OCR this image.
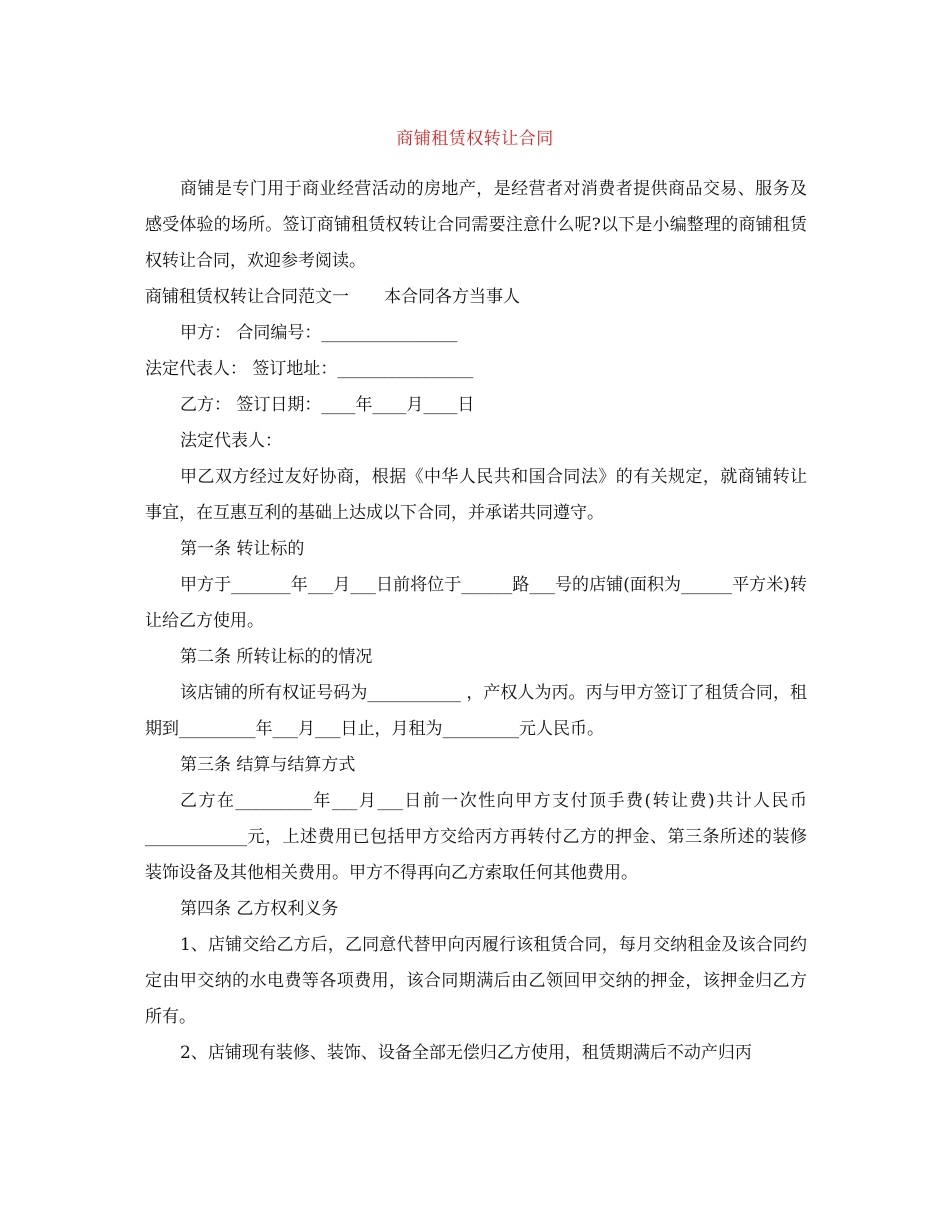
商铺租赁权转让合同

商铺是专门用于商业经营活动的房地产，是经营者对消费者提供商品交易、服务及感受体验的场所。签订商铺租赁权转让合同需要注意什么呢?以下是小编整理的商铺租赁权转让合同，欢迎参考阅读。

商铺租赁权转让合同范文一 本合同各方当事人

甲方： 合同编号：________________

法定代表人： 签订地址：________________

乙方： 签订日期：____年____月____日

法定代表人：

甲乙双方经过友好协商，根据《中华人民共和国合同法》的有关规定，就商铺转让事宜，在互惠互利的基础上达成以下合同，并承诺共同遵守。

第一条 转让标的

甲方于_______年___月___日前将位于______路___号的店铺(面积为______平方米)转让给乙方使用。

第二条 所转让标的的情况

该店铺的所有权证号码为___________ ，产权人为丙。丙与甲方签订了租赁合同，租期到_________年___月___日止，月租为_________元人民币。

第三条 结算与结算方式

乙方在_________年___月___日前一次性向甲方支付顶手费(转让费)共计人民币____________元，上述费用已包括甲方交给丙方再转付乙方的押金、第三条所述的装修装饰设备及其他相关费用。甲方不得再向乙方索取任何其他费用。

第四条 乙方权利义务

1、店铺交给乙方后，乙同意代替甲向丙履行该租赁合同，每月交纳租金及该合同约定由甲交纳的水电费等各项费用，该合同期满后由乙领回甲交纳的押金，该押金归乙方所有。

2、店铺现有装修、装饰、设备全部无偿归乙方使用，租赁期满后不动产归丙
